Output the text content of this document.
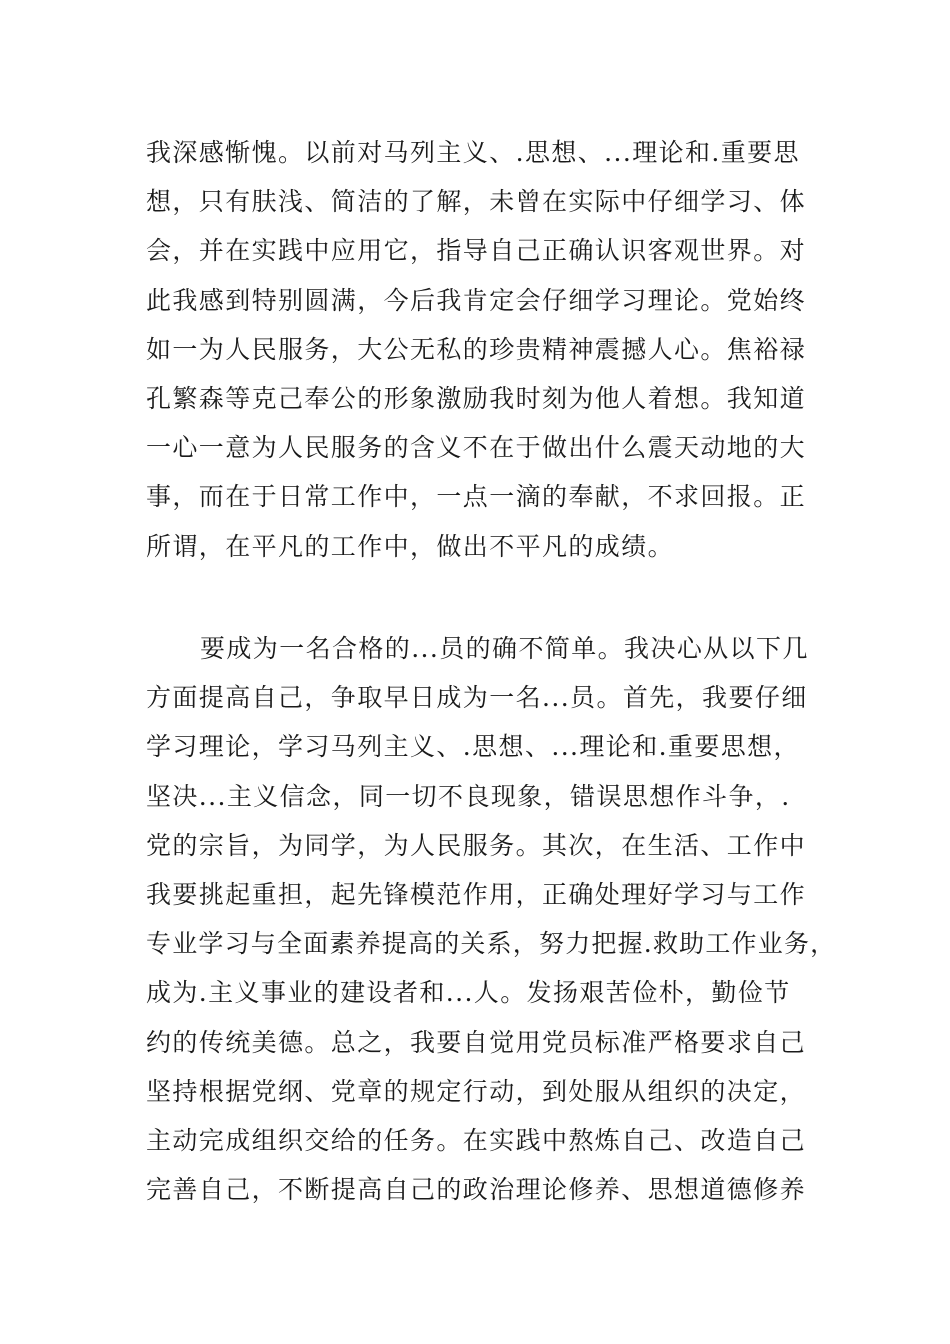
我深感惭愧。以前对马列主义、.思想、...理论和.重要思
想，只有肤浅、简洁的了解，未曾在实际中仔细学习、体
会，并在实践中应用它，指导自己正确认识客观世界。对
此我感到特别圆满，今后我肯定会仔细学习理论。党始终
如一为人民服务，大公无私的珍贵精神震撼人心。焦裕禄
孔繁森等克己奉公的形象激励我时刻为他人着想。我知道
一心一意为人民服务的含义不在于做出什么震天动地的大
事，而在于日常工作中，一点一滴的奉献，不求回报。正
所谓，在平凡的工作中，做出不平凡的成绩。
要成为一名合格的...员的确不简单。我决心从以下几
方面提高自己，争取早日成为一名...员。首先，我要仔细
学习理论，学习马列主义、.思想、...理论和.重要思想，
坚决...主义信念，同一切不良现象，错误思想作斗争，.
党的宗旨，为同学，为人民服务。其次，在生活、工作中
我要挑起重担，起先锋模范作用，正确处理好学习与工作
专业学习与全面素养提高的关系，努力把握.救助工作业务，
成为.主义事业的建设者和...人。发扬艰苦俭朴，勤俭节
约的传统美德。总之，我要自觉用党员标准严格要求自己
坚持根据党纲、党章的规定行动，到处服从组织的决定，
主动完成组织交给的任务。在实践中熬炼自己、改造自己
完善自己，不断提高自己的政治理论修养、思想道德修养
